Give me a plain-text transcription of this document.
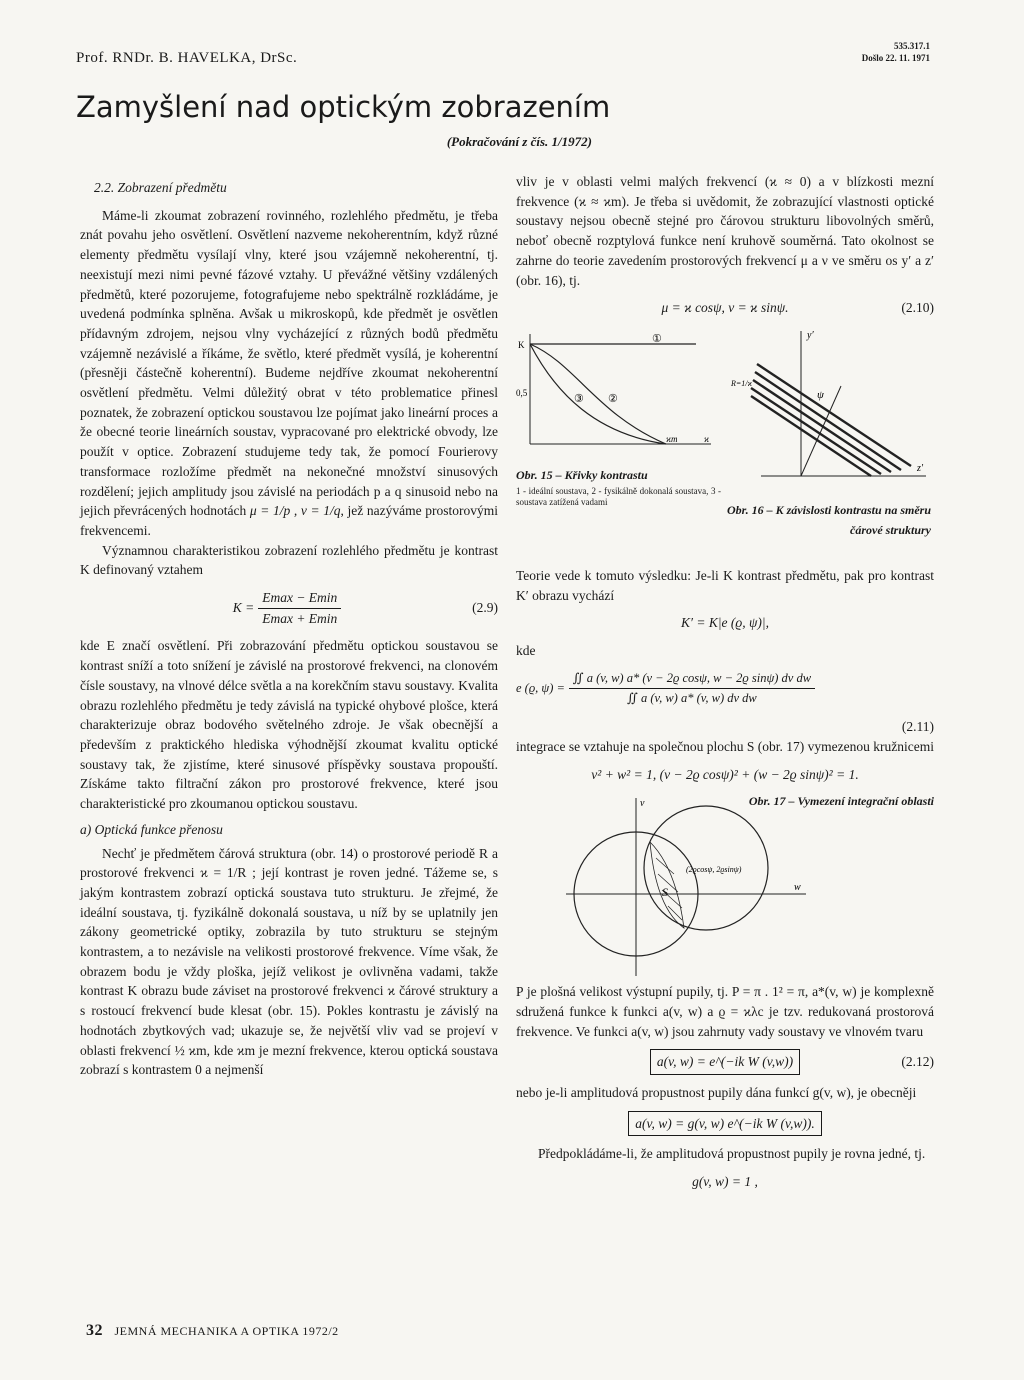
Prof. RNDr. B. HAVELKA, DrSc.
535.317.1
Došlo 22. 11. 1971
Zamyšlení nad optickým zobrazením
(Pokračování z čís. 1/1972)
2.2. Zobrazení předmětu

Máme-li zkoumat zobrazení rovinného, rozlehlého předmětu, je třeba znát povahu jeho osvětlení. Osvětlení nazveme nekoherentním, když různé elementy předmětu vysílají vlny, které jsou vzájemně nekoherentní, tj. neexistují mezi nimi pevné fázové vztahy. U převážné většiny vzdálených předmětů, které pozorujeme, fotografujeme nebo spektrálně rozkládáme, je uvedená podmínka splněna. Avšak u mikroskopů, kde předmět je osvětlen přídavným zdrojem, nejsou vlny vycházející z různých bodů předmětu vzájemně nezávislé a říkáme, že světlo, které předmět vysílá, je koherentní (přesněji částečně koherentní). Budeme nejdříve zkoumat nekoherentní osvětlení předmětu. Velmi důležitý obrat v této problematice přinesl poznatek, že zobrazení optickou soustavou lze pojímat jako lineární proces a že obecné teorie lineárních soustav, vypracované pro elektrické obvody, lze použít v optice. Zobrazení studujeme tedy tak, že pomocí Fourierovy transformace rozložíme předmět na nekonečné množství sinusových rozdělení; jejich amplitudy jsou závislé na periodách p a q sinusoid nebo na jejich převrácených hodnotách μ = 1/p , ν = 1/q, jež nazýváme prostorovými frekvencemi.

Významnou charakteristikou zobrazení rozlehlého předmětu je kontrast K definovaný vztahem

$K = \frac{Emax - Emin}{Emax + Emin}$	(2.9)

kde E značí osvětlení. Při zobrazování předmětu optickou soustavou se kontrast sníží a toto snížení je závislé na prostorové frekvenci, na clonovém čísle soustavy, na vlnové délce světla a na korekčním stavu soustavy. Kvalita obrazu rozlehlého předmětu je tedy závislá na typické ohybové plošce, která charakterizuje obraz bodového světelného zdroje. Je však obecnější a především z praktického hlediska výhodnější zkoumat kvalitu optické soustavy tak, že zjistíme, které sinusové příspěvky soustava propouští. Získáme takto filtrační zákon pro prostorové frekvence, které jsou charakteristické pro zkoumanou optickou soustavu.

a) Optická funkce přenosu

Nechť je předmětem čárová struktura (obr. 14) o prostorové periodě R a prostorové frekvenci ϰ = 1/R ; její kontrast je roven jedné. Tážeme se, s jakým kontrastem zobrazí optická soustava tuto strukturu. Je zřejmé, že ideální soustava, tj. fyzikálně dokonalá soustava, u níž by se uplatnily jen zákony geometrické optiky, zobrazila by tuto strukturu se stejným kontrastem, a to nezávisle na velikosti prostorové frekvence. Víme však, že obrazem bodu je vždy ploška, jejíž velikost je ovlivněna vadami, takže kontrast K obrazu bude záviset na prostorové frekvenci ϰ čárové struktury a s rostoucí frekvencí bude klesat (obr. 15). Pokles kontrastu je závislý na hodnotách zbytkových vad; ukazuje se, že největší vliv vad se projeví v oblasti frekvencí ½ ϰm, kde ϰm je mezní frekvence, kterou optická soustava zobrazí s kontrastem 0 a nejmenší

vliv je v oblasti velmi malých frekvencí (ϰ ≈ 0) a v blízkosti mezní frekvence (ϰ ≈ ϰm). Je třeba si uvědomit, že zobrazující vlastnosti optické soustavy nejsou obecně stejné pro čárovou strukturu libovolných směrů, neboť obecně rozptylová funkce není kruhově souměrná. Tato okolnost se zahrne do teorie zavedením prostorových frekvencí μ a ν ve směru os y′ a z′ (obr. 16), tj.

μ = ϰ cosψ, ν = ϰ sinψ.	(2.10)
K
0,5
ϰm	ϰ
①
②
③
Obr. 15 – Křivky kontrastu
1 - ideální soustava, 2 - fysikálně dokonalá soustava, 3 - soustava zatížená vadami
y′
z′
ψ
R=1/ϰ
Obr. 16 – K závislosti kontrastu na směru čárové struktury

Teorie vede k tomuto výsledku: Je-li K kontrast předmětu, pak pro kontrast K′ obrazu vychází

K′ = K|e (ϱ, ψ)|,
kde
e (ϱ, $\psi) = \frac{\text{∬ a (v, w) a* (v − 2ϱ cosψ, w − 2ϱ sinψ) dv dw}}{\text{∬ a (v, w) a* (v, w) dv dw}}$
(2.11)

integrace se vztahuje na společnou plochu S (obr. 17) vymezenou kružnicemi

v² + w² = 1, (v − 2ϱ cosψ)² + (w − 2ϱ sinψ)² = 1.
Obr. 17 – Vymezení integrační oblasti
S
(2ϱcosψ, 2ϱsinψ)
w
v

P je plošná velikost výstupní pupily, tj. P = π . 1² = π, a*(v, w) je komplexně sdružená funkce k funkci a(v, w) a ϱ = ϰλc je tzv. redukovaná prostorová frekvence. Ve funkci a(v, w) jsou zahrnuty vady soustavy ve vlnovém tvaru

a(v, w) = e^(−ik W (v,w))	(2.12)

nebo je-li amplitudová propustnost pupily dána funkcí g(v, w), je obecněji

a(v, w) = g(v, w) e^(−ik W (v,w)).

Předpokládáme-li, že amplitudová propustnost pupily je rovna jedné, tj.

g(v, w) = 1 ,
32 JEMNÁ MECHANIKA A OPTIKA 1972/2
